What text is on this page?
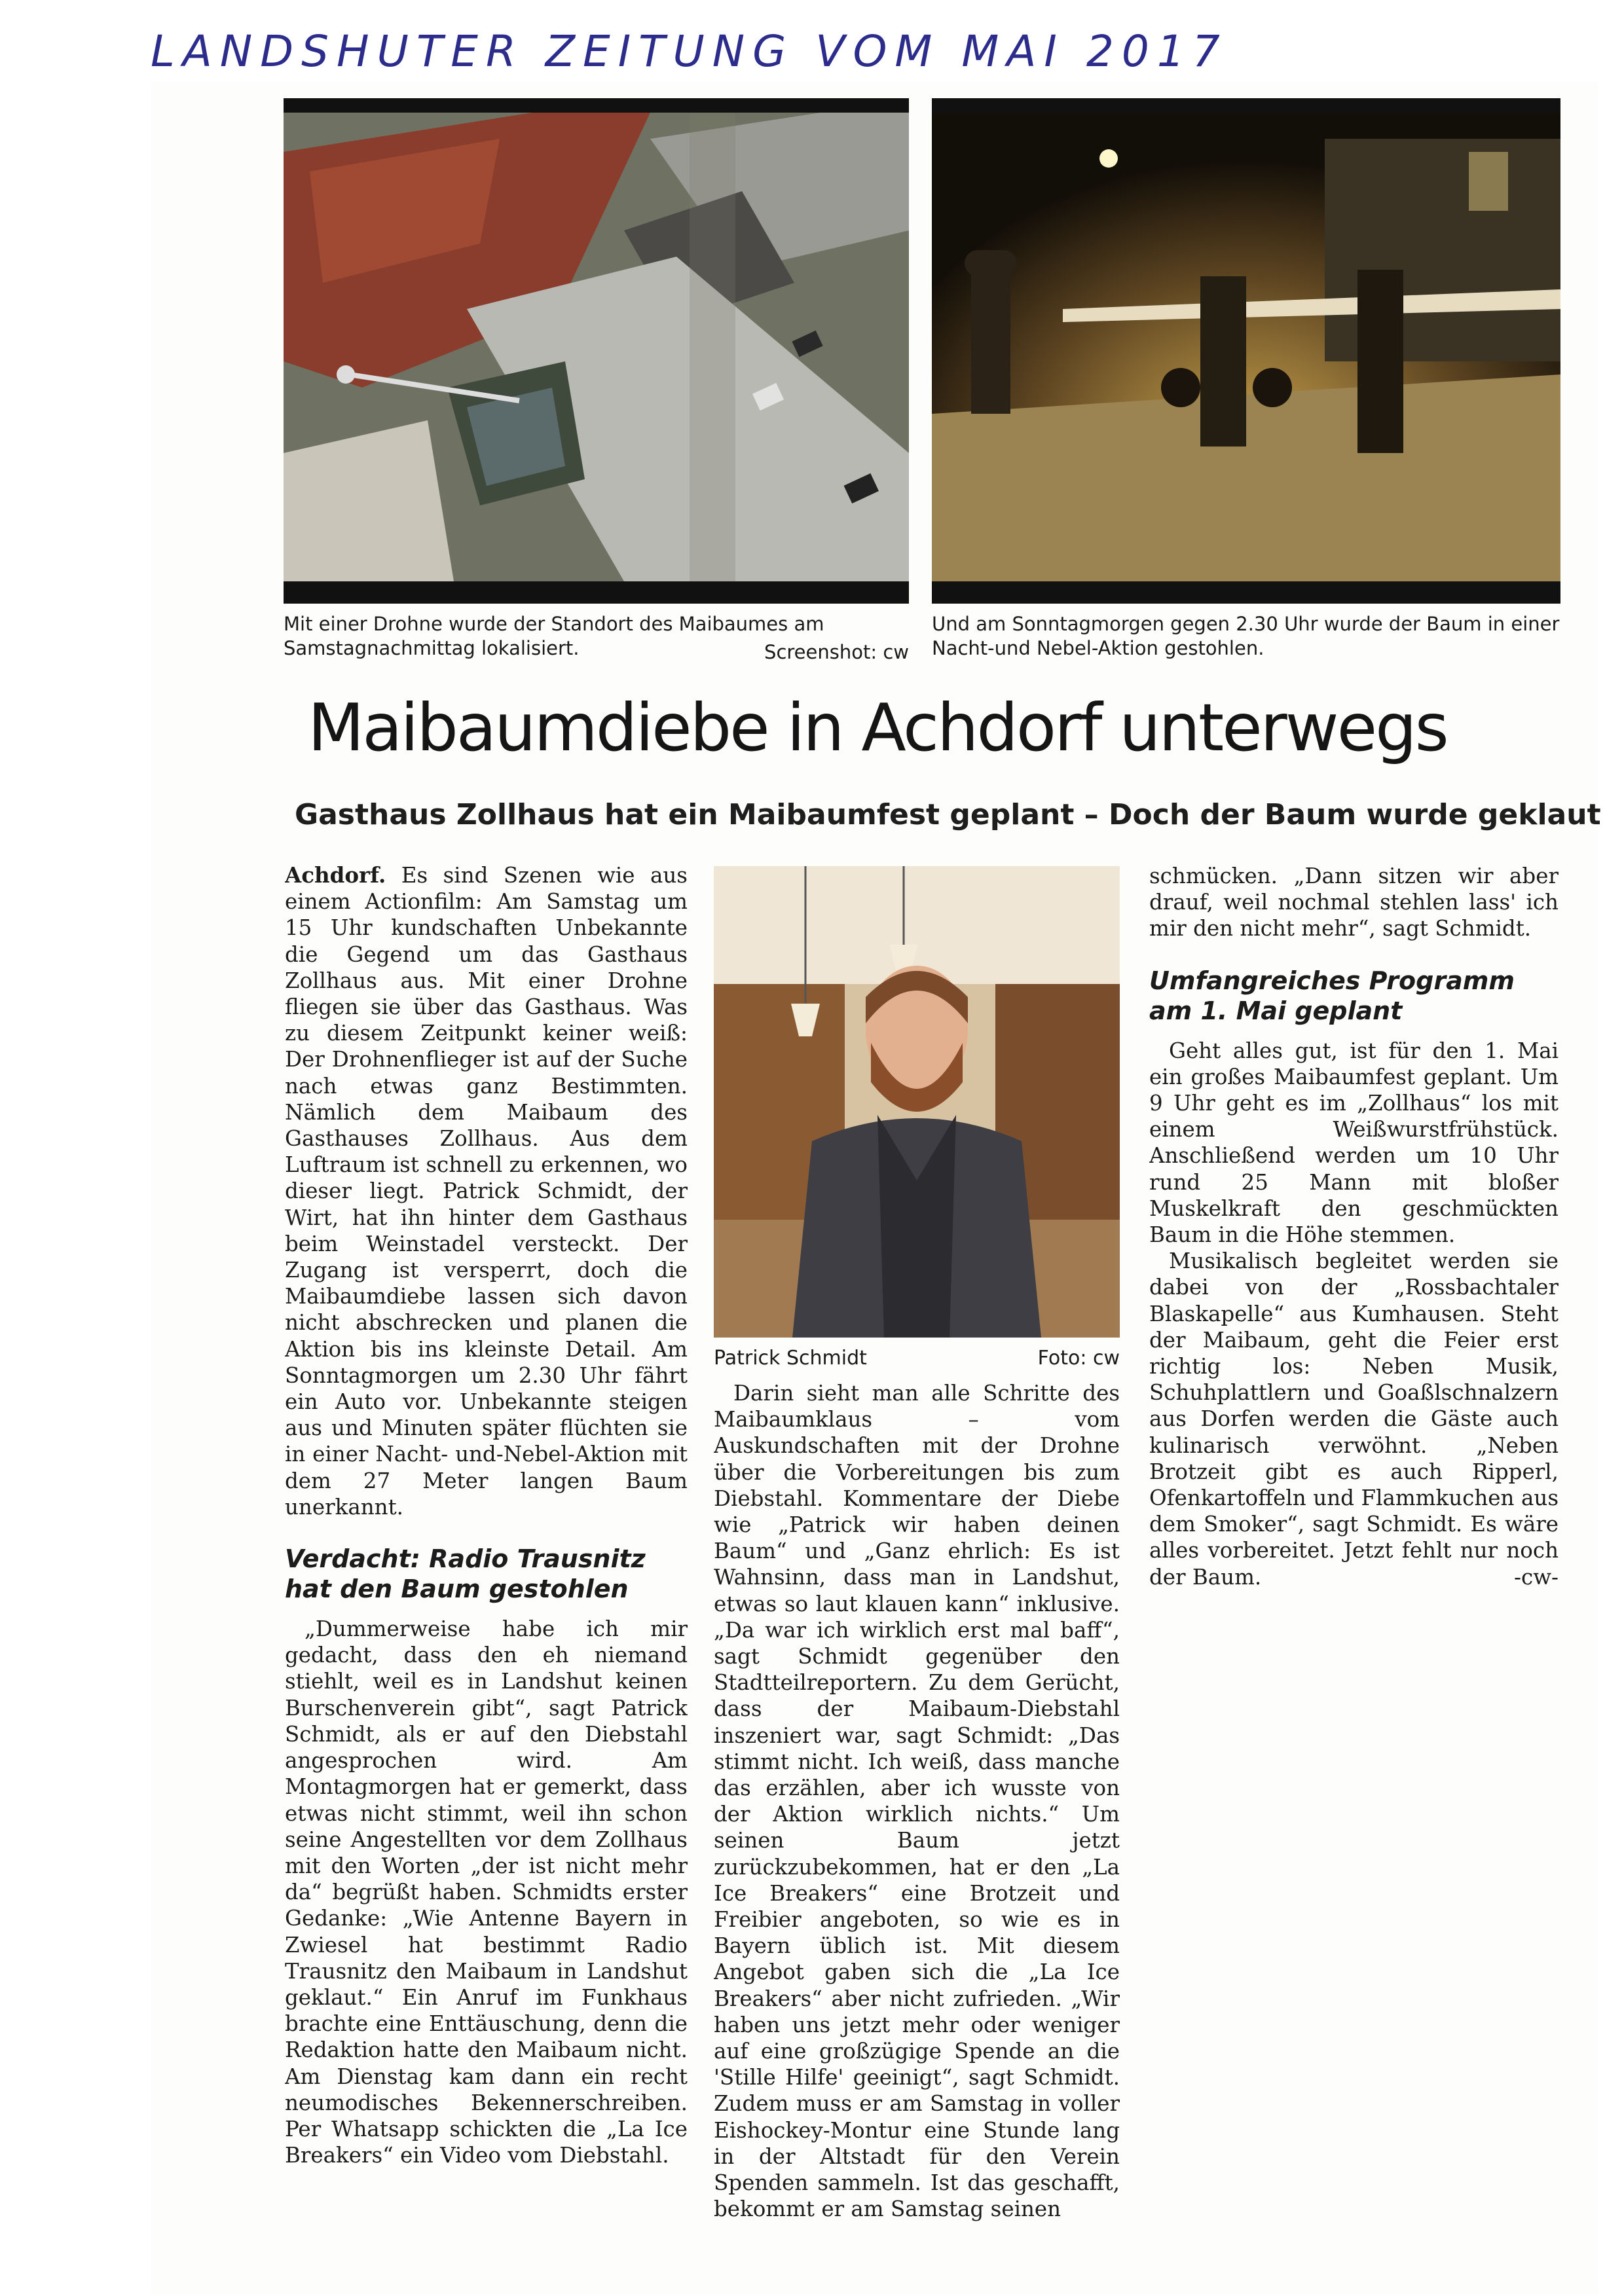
LANDSHUTER ZEITUNG VOM MAI 2017
Mit einer Drohne wurde der Standort des Maibaumes am Samstagnachmittag lokalisiert.	Screenshot: cw
Und am Sonntagmorgen gegen 2.30 Uhr wurde der Baum in einer Nacht-und Nebel-Aktion gestohlen.
Maibaumdiebe in Achdorf unterwegs
Gasthaus Zollhaus hat ein Maibaumfest geplant – Doch der Baum wurde geklaut

Achdorf. Es sind Szenen wie aus einem Actionfilm: Am Samstag um 15 Uhr kundschaften Unbekannte die Gegend um das Gasthaus Zollhaus aus. Mit einer Drohne fliegen sie über das Gasthaus. Was zu diesem Zeitpunkt keiner weiß: Der Drohnenflieger ist auf der Suche nach etwas ganz Bestimmten. Nämlich dem Maibaum des Gasthauses Zollhaus. Aus dem Luftraum ist schnell zu erkennen, wo dieser liegt. Patrick Schmidt, der Wirt, hat ihn hinter dem Gasthaus beim Weinstadel versteckt. Der Zugang ist versperrt, doch die Maibaumdiebe lassen sich davon nicht abschrecken und planen die Aktion bis ins kleinste Detail. Am Sonntagmorgen um 2.30 Uhr fährt ein Auto vor. Unbekannte steigen aus und Minuten später flüchten sie in einer Nacht- und-Nebel-Aktion mit dem 27 Meter langen Baum unerkannt.

Verdacht: Radio Trausnitz hat den Baum gestohlen

„Dummerweise habe ich mir gedacht, dass den eh niemand stiehlt, weil es in Landshut keinen Burschenverein gibt“, sagt Patrick Schmidt, als er auf den Diebstahl angesprochen wird. Am Montagmorgen hat er gemerkt, dass etwas nicht stimmt, weil ihn schon seine Angestellten vor dem Zollhaus mit den Worten „der ist nicht mehr da“ begrüßt haben. Schmidts erster Gedanke: „Wie Antenne Bayern in Zwiesel hat bestimmt Radio Trausnitz den Maibaum in Landshut geklaut.“ Ein Anruf im Funkhaus brachte eine Enttäuschung, denn die Redaktion hatte den Maibaum nicht. Am Dienstag kam dann ein recht neumodisches Bekennerschreiben. Per Whatsapp schickten die „La Ice Breakers“ ein Video vom Diebstahl.

Patrick Schmidt	Foto: cw

Darin sieht man alle Schritte des Maibaumklaus – vom Auskundschaften mit der Drohne über die Vorbereitungen bis zum Diebstahl. Kommentare der Diebe wie „Patrick wir haben deinen Baum“ und „Ganz ehrlich: Es ist Wahnsinn, dass man in Landshut, etwas so laut klauen kann“ inklusive. „Da war ich wirklich erst mal baff“, sagt Schmidt gegenüber den Stadtteilreportern. Zu dem Gerücht, dass der Maibaum-Diebstahl inszeniert war, sagt Schmidt: „Das stimmt nicht. Ich weiß, dass manche das erzählen, aber ich wusste von der Aktion wirklich nichts.“ Um seinen Baum jetzt zurückzubekommen, hat er den „La Ice Breakers“ eine Brotzeit und Freibier angeboten, so wie es in Bayern üblich ist. Mit diesem Angebot gaben sich die „La Ice Breakers“ aber nicht zufrieden. „Wir haben uns jetzt mehr oder weniger auf eine großzügige Spende an die 'Stille Hilfe' geeinigt“, sagt Schmidt. Zudem muss er am Samstag in voller Eishockey-Montur eine Stunde lang in der Altstadt für den Verein Spenden sammeln. Ist das geschafft, bekommt er am Samstag seinen

schmücken. „Dann sitzen wir aber drauf, weil nochmal stehlen lass' ich mir den nicht mehr“, sagt Schmidt.

Umfangreiches Programm am 1. Mai geplant

Geht alles gut, ist für den 1. Mai ein großes Maibaumfest geplant. Um 9 Uhr geht es im „Zollhaus“ los mit einem Weißwurstfrühstück. Anschließend werden um 10 Uhr rund 25 Mann mit bloßer Muskelkraft den geschmückten Baum in die Höhe stemmen.

Musikalisch begleitet werden sie dabei von der „Rossbachtaler Blaskapelle“ aus Kumhausen. Steht der Maibaum, geht die Feier erst richtig los: Neben Musik, Schuhplattlern und Goaßlschnalzern aus Dorfen werden die Gäste auch kulinarisch verwöhnt. „Neben Brotzeit gibt es auch Ripperl, Ofenkartoffeln und Flammkuchen aus dem Smoker“, sagt Schmidt. Es wäre alles vorbereitet. Jetzt fehlt nur noch der Baum.	-cw-
